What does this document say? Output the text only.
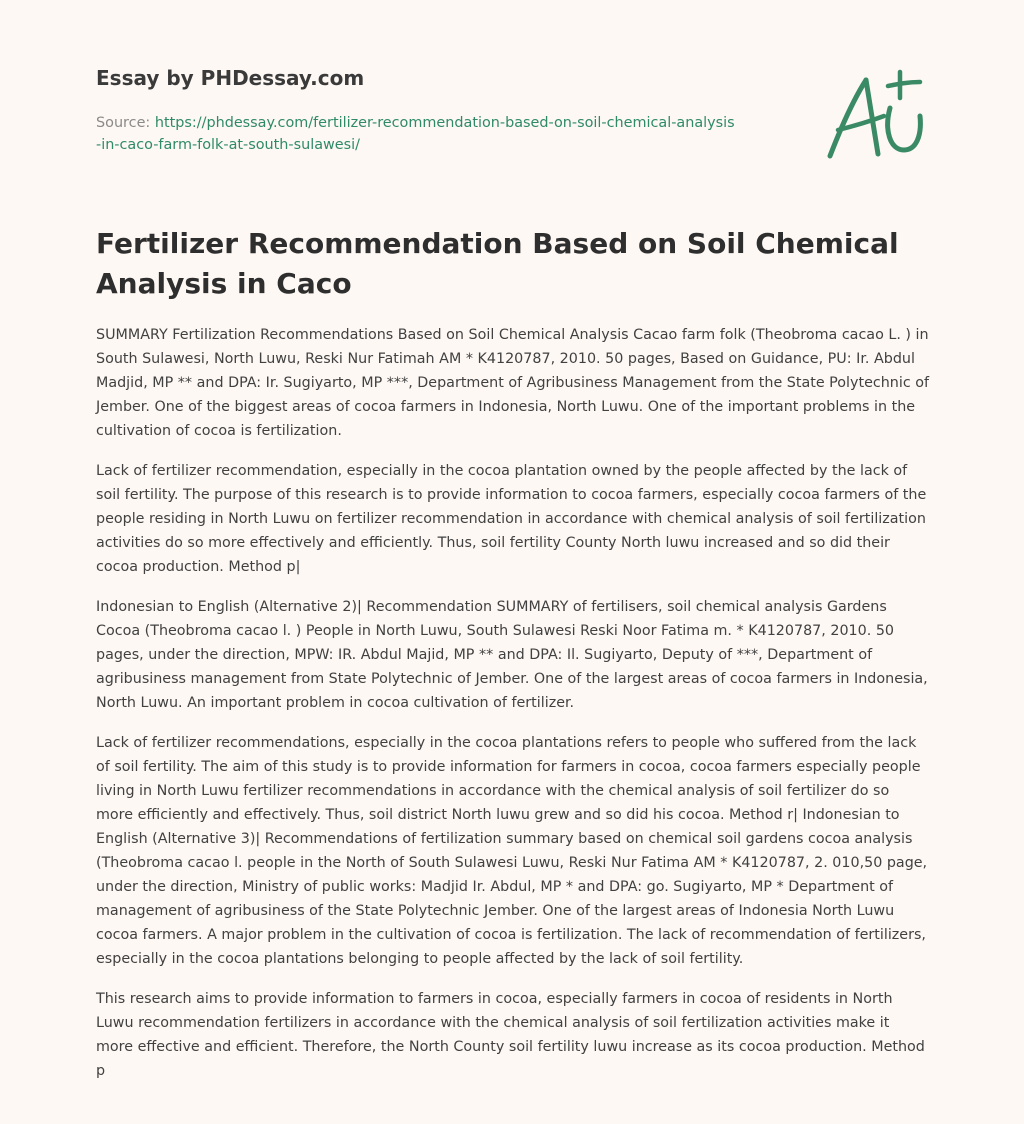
Essay by PHDessay.com
Source: https://phdessay.com/fertilizer-recommendation-based-on-soil-chemical-analysis-in-caco-farm-folk-at-south-sulawesi/
Fertilizer Recommendation Based on Soil Chemical Analysis in Caco

SUMMARY Fertilization Recommendations Based on Soil Chemical Analysis Cacao farm folk (Theobroma cacao L. ) in South Sulawesi, North Luwu, Reski Nur Fatimah AM * K4120787, 2010. 50 pages, Based on Guidance, PU: Ir. Abdul Madjid, MP ** and DPA: Ir. Sugiyarto, MP ***, Department of Agribusiness Management from the State Polytechnic of Jember. One of the biggest areas of cocoa farmers in Indonesia, North Luwu. One of the important problems in the cultivation of cocoa is fertilization.

Lack of fertilizer recommendation, especially in the cocoa plantation owned by the people affected by the lack of soil fertility. The purpose of this research is to provide information to cocoa farmers, especially cocoa farmers of the people residing in North Luwu on fertilizer recommendation in accordance with chemical analysis of soil fertilization activities do so more effectively and efficiently. Thus, soil fertility County North luwu increased and so did their cocoa production. Method p|

Indonesian to English (Alternative 2)| Recommendation SUMMARY of fertilisers, soil chemical analysis Gardens Cocoa (Theobroma cacao l. ) People in North Luwu, South Sulawesi Reski Noor Fatima m. * K4120787, 2010. 50 pages, under the direction, MPW: IR. Abdul Majid, MP ** and DPA: Il. Sugiyarto, Deputy of ***, Department of agribusiness management from State Polytechnic of Jember. One of the largest areas of cocoa farmers in Indonesia, North Luwu. An important problem in cocoa cultivation of fertilizer.

Lack of fertilizer recommendations, especially in the cocoa plantations refers to people who suffered from the lack of soil fertility. The aim of this study is to provide information for farmers in cocoa, cocoa farmers especially people living in North Luwu fertilizer recommendations in accordance with the chemical analysis of soil fertilizer do so more efficiently and effectively. Thus, soil district North luwu grew and so did his cocoa. Method r| Indonesian to English (Alternative 3)| Recommendations of fertilization summary based on chemical soil gardens cocoa analysis (Theobroma cacao l. people in the North of South Sulawesi Luwu, Reski Nur Fatima AM * K4120787, 2. 010,50 page, under the direction, Ministry of public works: Madjid Ir. Abdul, MP * and DPA: go. Sugiyarto, MP * Department of management of agribusiness of the State Polytechnic Jember. One of the largest areas of Indonesia North Luwu cocoa farmers. A major problem in the cultivation of cocoa is fertilization. The lack of recommendation of fertilizers, especially in the cocoa plantations belonging to people affected by the lack of soil fertility.

This research aims to provide information to farmers in cocoa, especially farmers in cocoa of residents in North Luwu recommendation fertilizers in accordance with the chemical analysis of soil fertilization activities make it more effective and efficient. Therefore, the North County soil fertility luwu increase as its cocoa production. Method p
